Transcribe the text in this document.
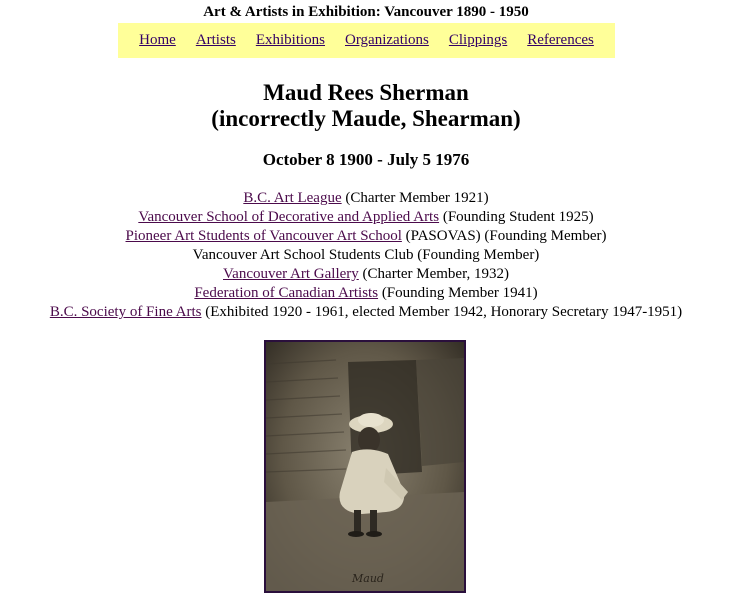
Art & Artists in Exhibition: Vancouver 1890 - 1950
Home Artists Exhibitions Organizations Clippings References
Maud Rees Sherman
(incorrectly Maude, Shearman)
October 8 1900 - July 5 1976
B.C. Art League (Charter Member 1921)
Vancouver School of Decorative and Applied Arts (Founding Student 1925)
Pioneer Art Students of Vancouver Art School (PASOVAS) (Founding Member)
Vancouver Art School Students Club (Founding Member)
Vancouver Art Gallery (Charter Member, 1932)
Federation of Canadian Artists (Founding Member 1941)
B.C. Society of Fine Arts (Exhibited 1920 - 1961, elected Member 1942, Honorary Secretary 1947-1951)
Maud
